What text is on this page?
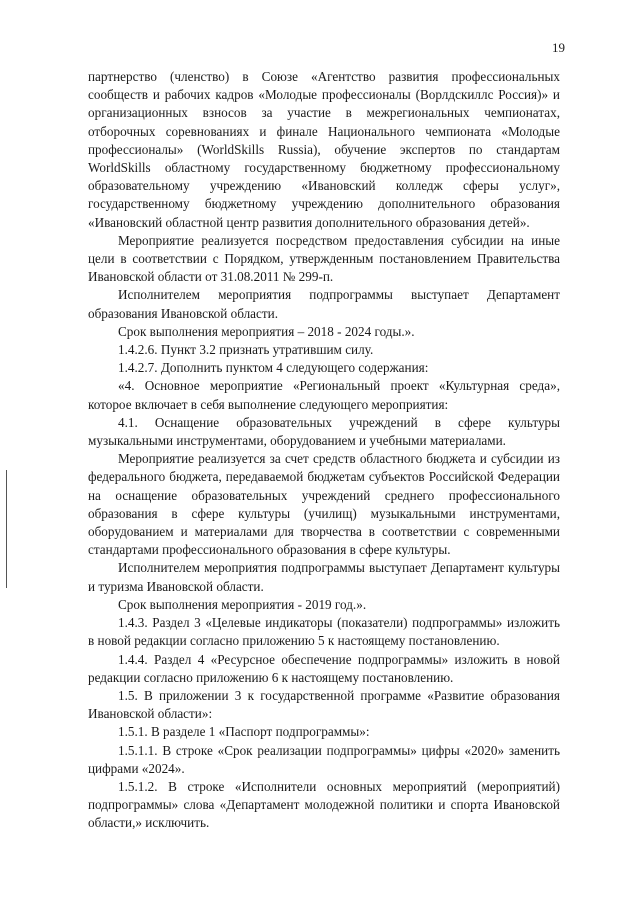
19

партнерство (членство) в Союзе «Агентство развития профессиональных сообществ и рабочих кадров «Молодые профессионалы (Ворлдскиллс Россия)» и организационных взносов за участие в межрегиональных чемпионатах, отборочных соревнованиях и финале Национального чемпионата «Молодые профессионалы» (WorldSkills Russia), обучение экспертов по стандартам WorldSkills областному государственному бюджетному профессиональному образовательному учреждению «Ивановский колледж сферы услуг», государственному бюджетному учреждению дополнительного образования «Ивановский областной центр развития дополнительного образования детей».

Мероприятие реализуется посредством предоставления субсидии на иные цели в соответствии с Порядком, утвержденным постановлением Правительства Ивановской области от 31.08.2011 № 299-п.

Исполнителем мероприятия подпрограммы выступает Департамент образования Ивановской области.

Срок выполнения мероприятия – 2018 - 2024 годы.».

1.4.2.6. Пункт 3.2 признать утратившим силу.

1.4.2.7. Дополнить пунктом 4 следующего содержания:

«4. Основное мероприятие «Региональный проект «Культурная среда», которое включает в себя выполнение следующего мероприятия:

4.1. Оснащение образовательных учреждений в сфере культуры музыкальными инструментами, оборудованием и учебными материалами.

Мероприятие реализуется за счет средств областного бюджета и субсидии из федерального бюджета, передаваемой бюджетам субъектов Российской Федерации на оснащение образовательных учреждений среднего профессионального образования в сфере культуры (училищ) музыкальными инструментами, оборудованием и материалами для творчества в соответствии с современными стандартами профессионального образования в сфере культуры.

Исполнителем мероприятия подпрограммы выступает Департамент культуры и туризма Ивановской области.

Срок выполнения мероприятия - 2019 год.».

1.4.3. Раздел 3 «Целевые индикаторы (показатели) подпрограммы» изложить в новой редакции согласно приложению 5 к настоящему постановлению.

1.4.4. Раздел 4 «Ресурсное обеспечение подпрограммы» изложить в новой редакции согласно приложению 6 к настоящему постановлению.

1.5. В приложении 3 к государственной программе «Развитие образования Ивановской области»:

1.5.1. В разделе 1 «Паспорт подпрограммы»:

1.5.1.1. В строке «Срок реализации подпрограммы» цифры «2020» заменить цифрами «2024».

1.5.1.2. В строке «Исполнители основных мероприятий (мероприятий) подпрограммы» слова «Департамент молодежной политики и спорта Ивановской области,» исключить.
